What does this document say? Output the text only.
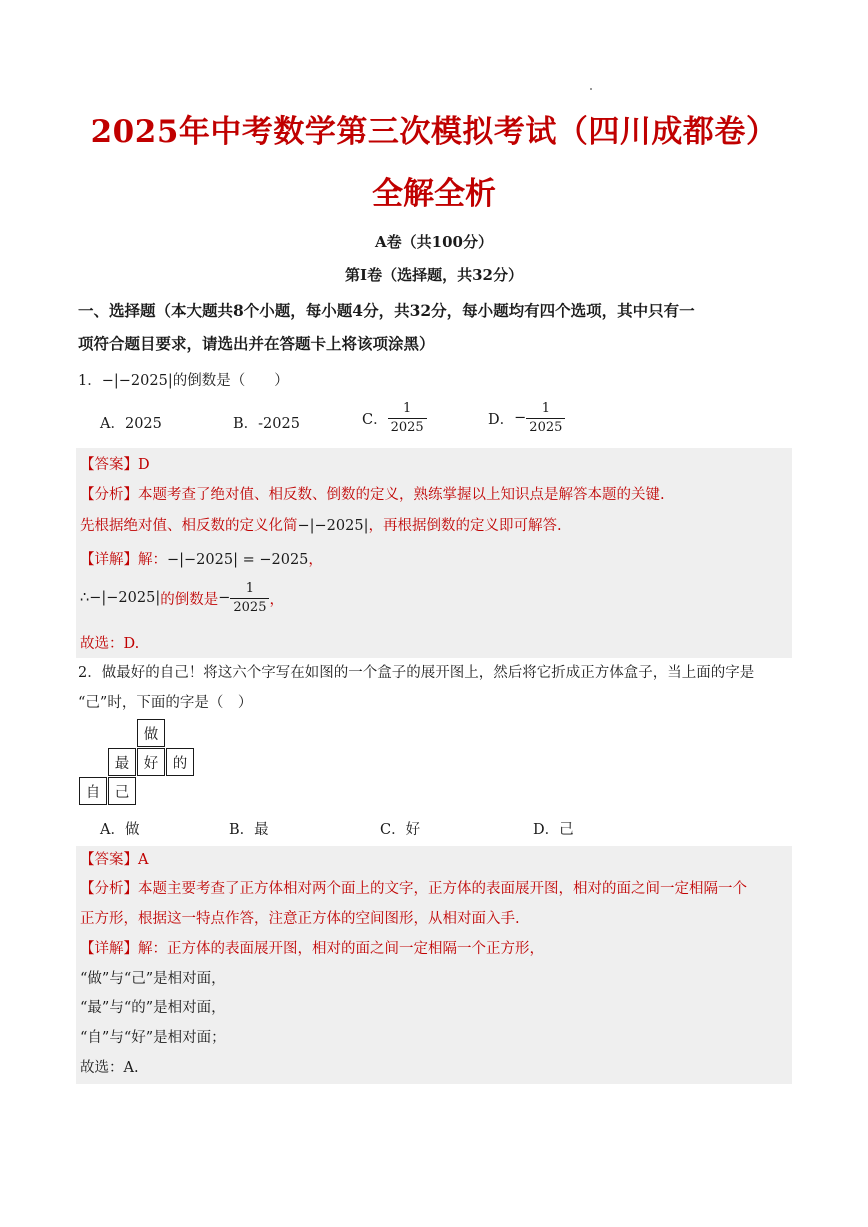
2025年中考数学第三次模拟考试（四川成都卷）
全解全析
A卷（共100分）
第I卷（选择题，共32分）
一、选择题（本大题共8个小题，每小题4分，共32分，每小题均有四个选项，其中只有一
项符合题目要求，请选出并在答题卡上将该项涂黑）
1．−|−2025|的倒数是（　　）
A．2025	B．-2025	C． $\frac{1}{2025}$	D． − $\frac{1}{2025}$
【答案】D
【分析】本题考查了绝对值、相反数、倒数的定义，熟练掌握以上知识点是解答本题的关键.
先根据绝对值、相反数的定义化简−|−2025|，再根据倒数的定义即可解答.
【详解】解：−|−2025| = −2025，
∴ −|−2025| 的倒数是 − $\frac{1}{2025}$ ，
故选：D.
2．做最好的自己！将这六个字写在如图的一个盒子的展开图上，然后将它折成正方体盒子，当上面的字是
“己”时，下面的字是（　）
做
最	好	的
自	己
A．做	B．最	C．好	D．己
【答案】A
【分析】本题主要考查了正方体相对两个面上的文字，正方体的表面展开图，相对的面之间一定相隔一个
正方形，根据这一特点作答，注意正方体的空间图形，从相对面入手.
【详解】解：正方体的表面展开图，相对的面之间一定相隔一个正方形，
“做”与“己”是相对面，
“最”与“的”是相对面，
“自”与“好”是相对面；
故选：A.
